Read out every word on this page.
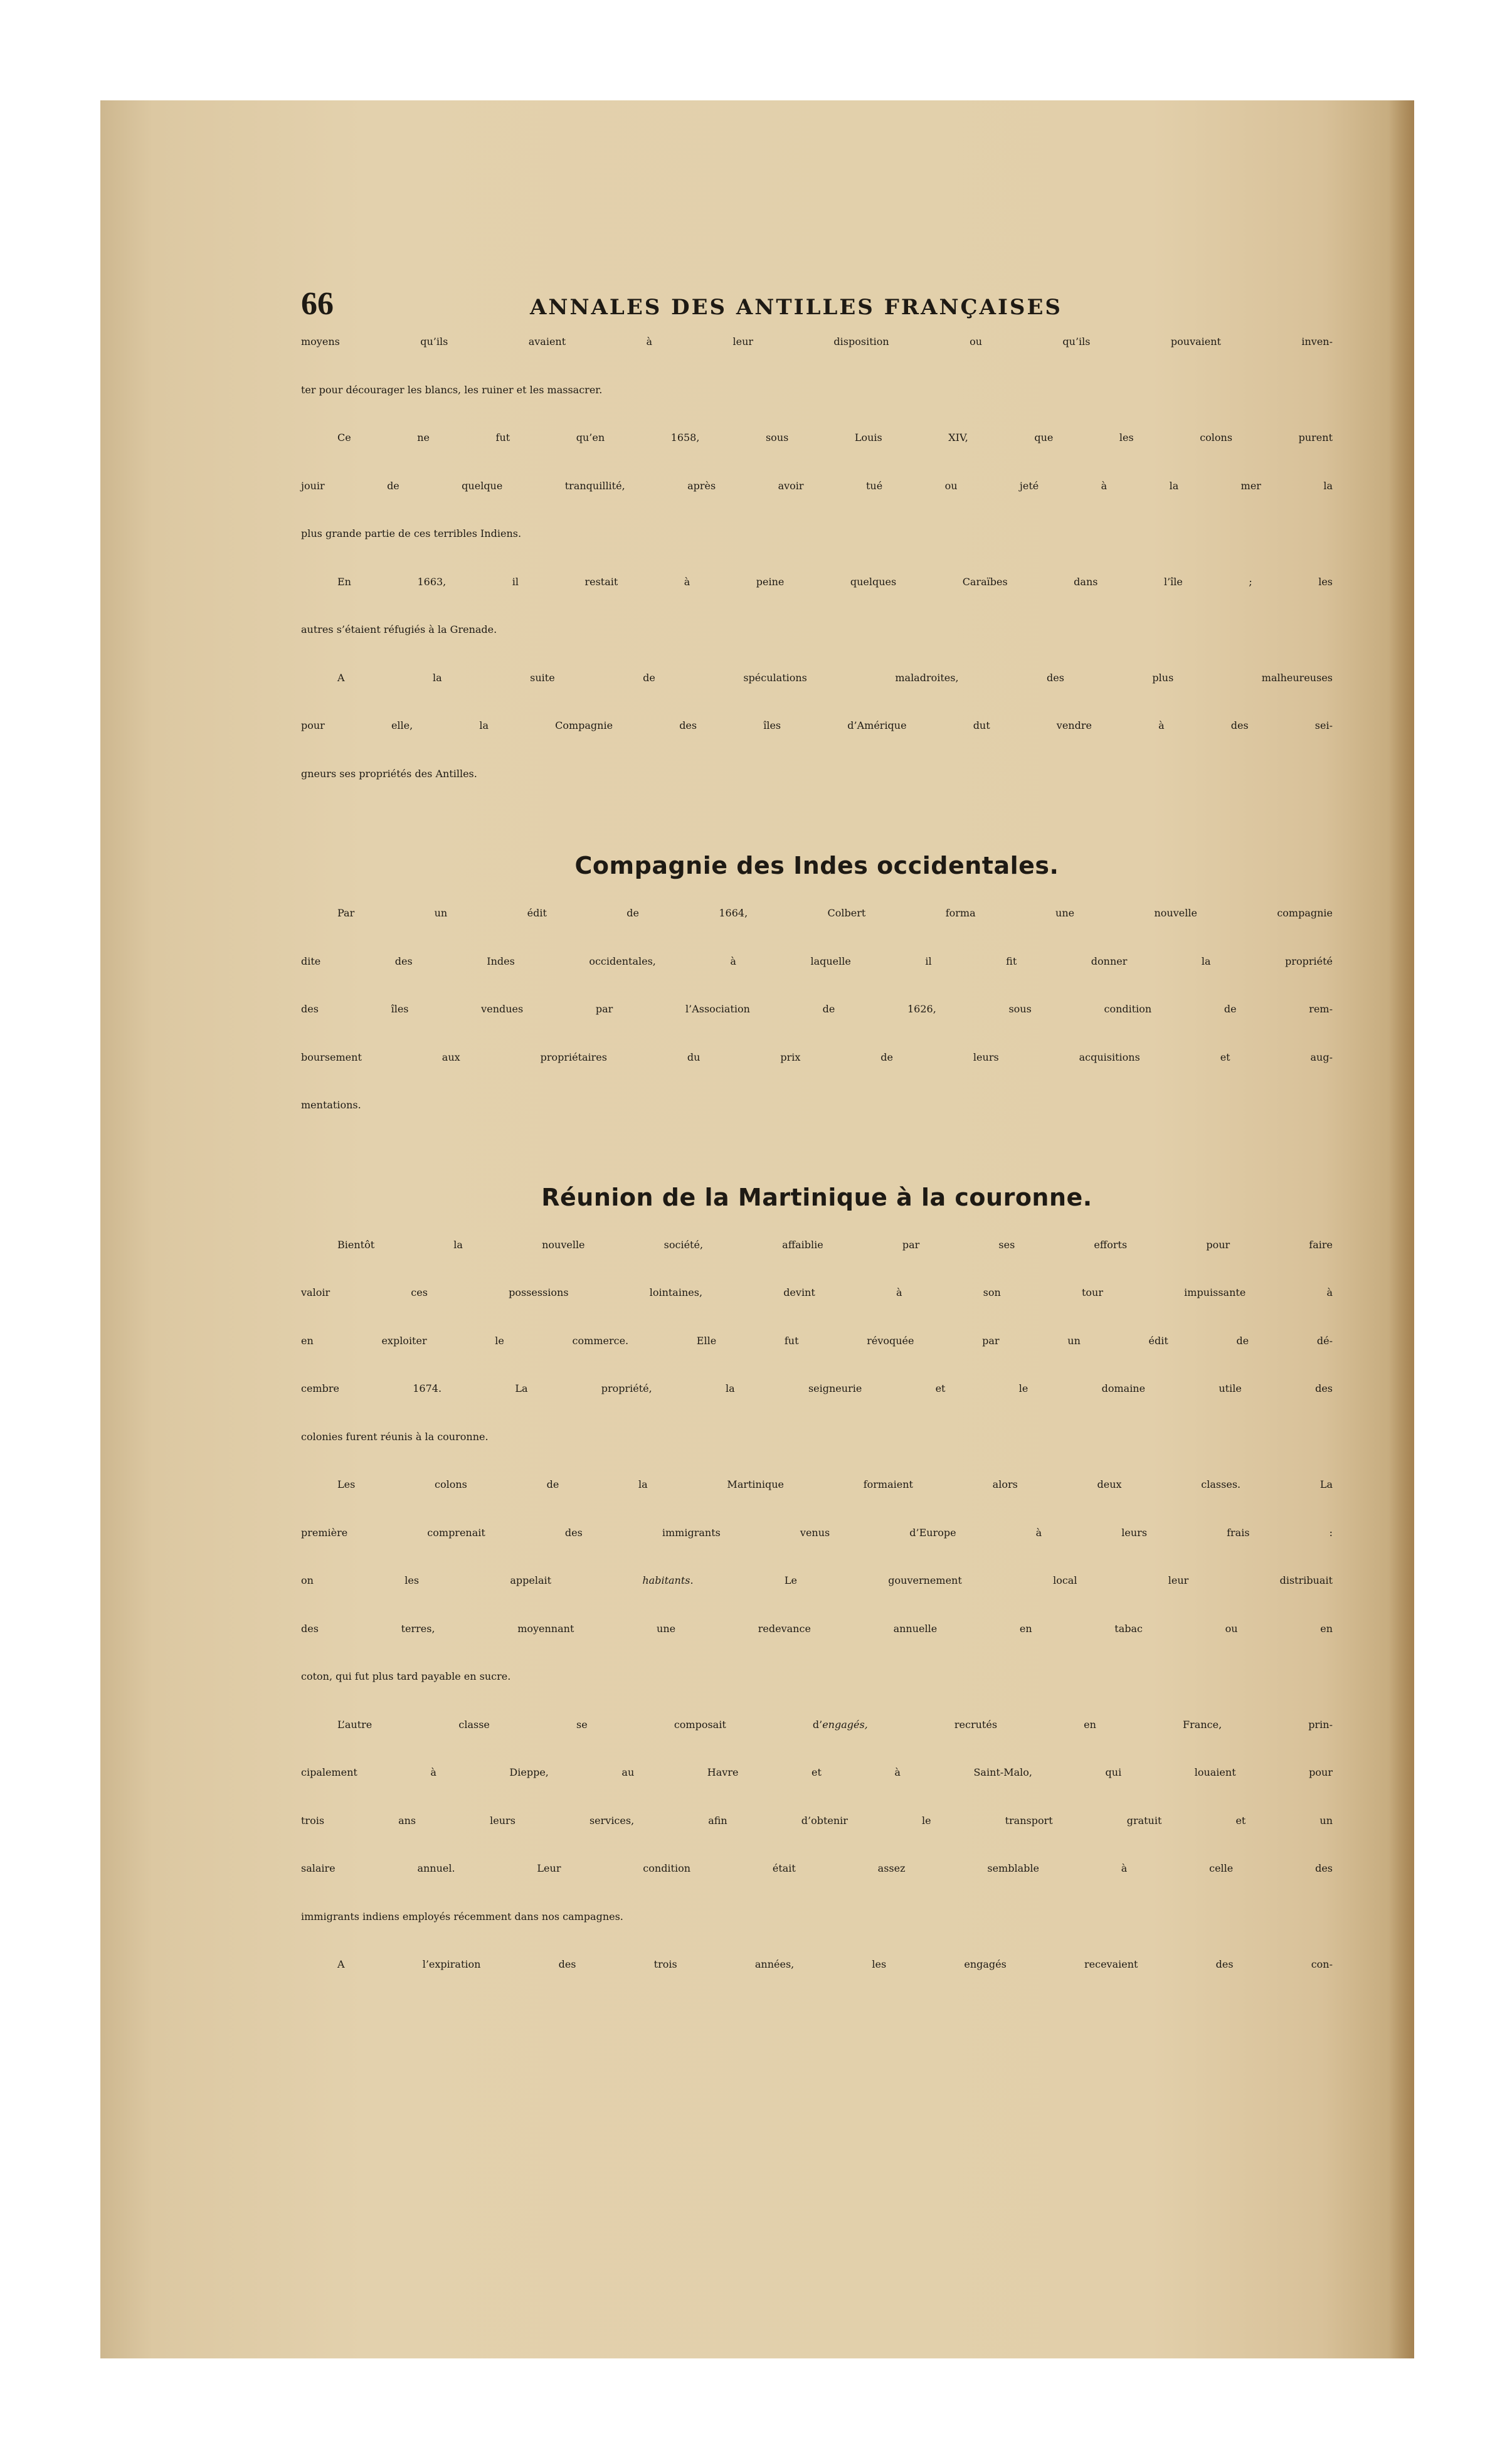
66	ANNALES DES ANTILLES FRANÇAISES
moyens qu’ils avaient à leur disposition ou qu’ils pouvaient inven-
ter pour décourager les blancs, les ruiner et les massacrer.
Ce ne fut qu’en 1658, sous Louis XIV, que les colons purent
jouir de quelque tranquillité, après avoir tué ou jeté à la mer la
plus grande partie de ces terribles Indiens.
En 1663, il restait à peine quelques Caraïbes dans l’île ; les
autres s’étaient réfugiés à la Grenade.
A la suite de spéculations maladroites, des plus malheureuses
pour elle, la Compagnie des îles d’Amérique dut vendre à des sei-
gneurs ses propriétés des Antilles.

Compagnie des Indes occidentales.

Par un édit de 1664, Colbert forma une nouvelle compagnie
dite des Indes occidentales, à laquelle il fit donner la propriété
des îles vendues par l’Association de 1626, sous condition de rem-
boursement aux propriétaires du prix de leurs acquisitions et aug-
mentations.

Réunion de la Martinique à la couronne.

Bientôt la nouvelle société, affaiblie par ses efforts pour faire
valoir ces possessions lointaines, devint à son tour impuissante à
en exploiter le commerce. Elle fut révoquée par un édit de dé-
cembre 1674. La propriété, la seigneurie et le domaine utile des
colonies furent réunis à la couronne.
Les colons de la Martinique formaient alors deux classes. La
première comprenait des immigrants venus d’Europe à leurs frais :
on les appelait habitants. Le gouvernement local leur distribuait
des terres, moyennant une redevance annuelle en tabac ou en
coton, qui fut plus tard payable en sucre.
L’autre classe se composait d’engagés, recrutés en France, prin-
cipalement à Dieppe, au Havre et à Saint-Malo, qui louaient pour
trois ans leurs services, afin d’obtenir le transport gratuit et un
salaire annuel. Leur condition était assez semblable à celle des
immigrants indiens employés récemment dans nos campagnes.
A l’expiration des trois années, les engagés recevaient des con-
